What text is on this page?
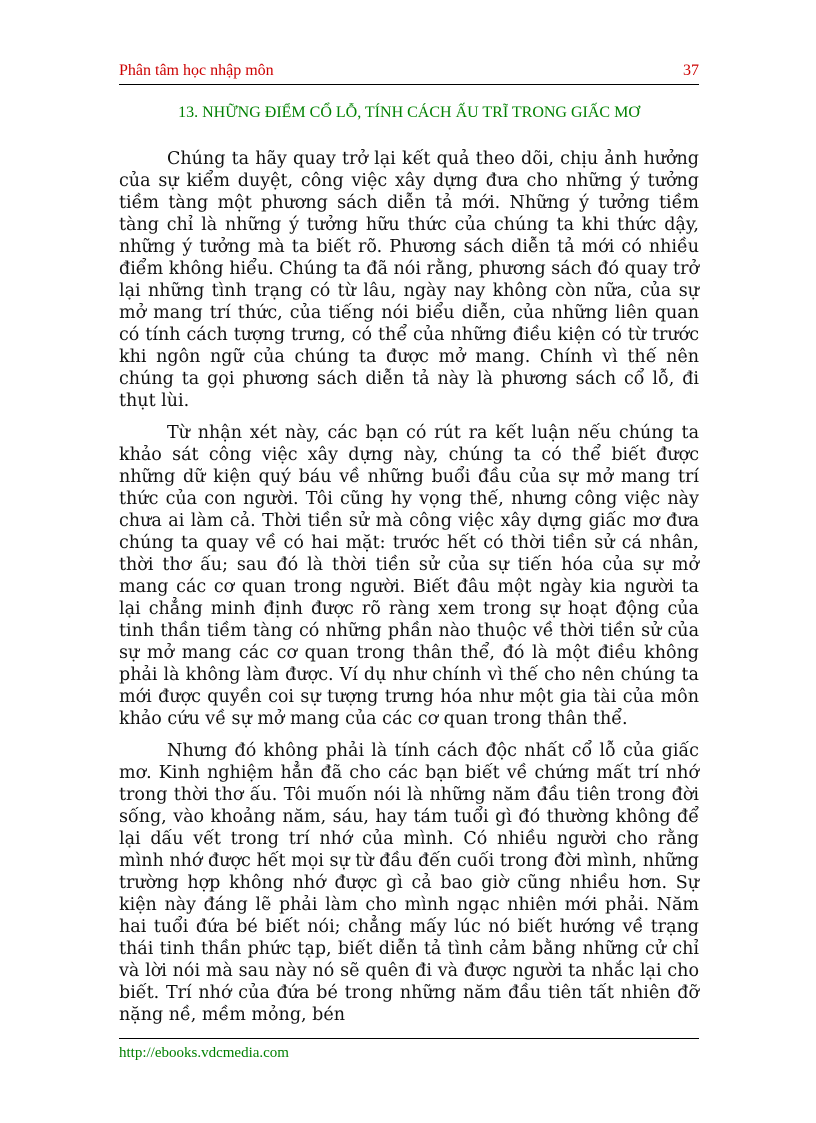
Phân tâm học nhập môn	37
13. NHỮNG ĐIỂM CỔ LỖ, TÍNH CÁCH ẤU TRĨ TRONG GIẤC MƠ

Chúng ta hãy quay trở lại kết quả theo dõi, chịu ảnh hưởng của sự kiểm duyệt, công việc xây dựng đưa cho những ý tưởng tiềm tàng một phương sách diễn tả mới. Những ý tưởng tiềm tàng chỉ là những ý tưởng hữu thức của chúng ta khi thức dậy, những ý tưởng mà ta biết rõ. Phương sách diễn tả mới có nhiều điểm không hiểu. Chúng ta đã nói rằng, phương sách đó quay trở lại những tình trạng có từ lâu, ngày nay không còn nữa, của sự mở mang trí thức, của tiếng nói biểu diễn, của những liên quan có tính cách tượng trưng, có thể của những điều kiện có từ trước khi ngôn ngữ của chúng ta được mở mang. Chính vì thế nên chúng ta gọi phương sách diễn tả này là phương sách cổ lỗ, đi thụt lùi.

Từ nhận xét này, các bạn có rút ra kết luận nếu chúng ta khảo sát công việc xây dựng này, chúng ta có thể biết được những dữ kiện quý báu về những buổi đầu của sự mở mang trí thức của con người. Tôi cũng hy vọng thế, nhưng công việc này chưa ai làm cả. Thời tiền sử mà công việc xây dựng giấc mơ đưa chúng ta quay về có hai mặt: trước hết có thời tiền sử cá nhân, thời thơ ấu; sau đó là thời tiền sử của sự tiến hóa của sự mở mang các cơ quan trong người. Biết đâu một ngày kia người ta lại chẳng minh định được rõ ràng xem trong sự hoạt động của tinh thần tiềm tàng có những phần nào thuộc về thời tiền sử của sự mở mang các cơ quan trong thân thể, đó là một điều không phải là không làm được. Ví dụ như chính vì thế cho nên chúng ta mới được quyền coi sự tượng trưng hóa như một gia tài của môn khảo cứu về sự mở mang của các cơ quan trong thân thể.

Nhưng đó không phải là tính cách độc nhất cổ lỗ của giấc mơ. Kinh nghiệm hẳn đã cho các bạn biết về chứng mất trí nhớ trong thời thơ ấu. Tôi muốn nói là những năm đầu tiên trong đời sống, vào khoảng năm, sáu, hay tám tuổi gì đó thường không để lại dấu vết trong trí nhớ của mình. Có nhiều người cho rằng mình nhớ được hết mọi sự từ đầu đến cuối trong đời mình, những trường hợp không nhớ được gì cả bao giờ cũng nhiều hơn. Sự kiện này đáng lẽ phải làm cho mình ngạc nhiên mới phải. Năm hai tuổi đứa bé biết nói; chẳng mấy lúc nó biết hướng về trạng thái tinh thần phức tạp, biết diễn tả tình cảm bằng những cử chỉ và lời nói mà sau này nó sẽ quên đi và được người ta nhắc lại cho biết. Trí nhớ của đứa bé trong những năm đầu tiên tất nhiên đỡ nặng nề, mềm mỏng, bén

http://ebooks.vdcmedia.com
